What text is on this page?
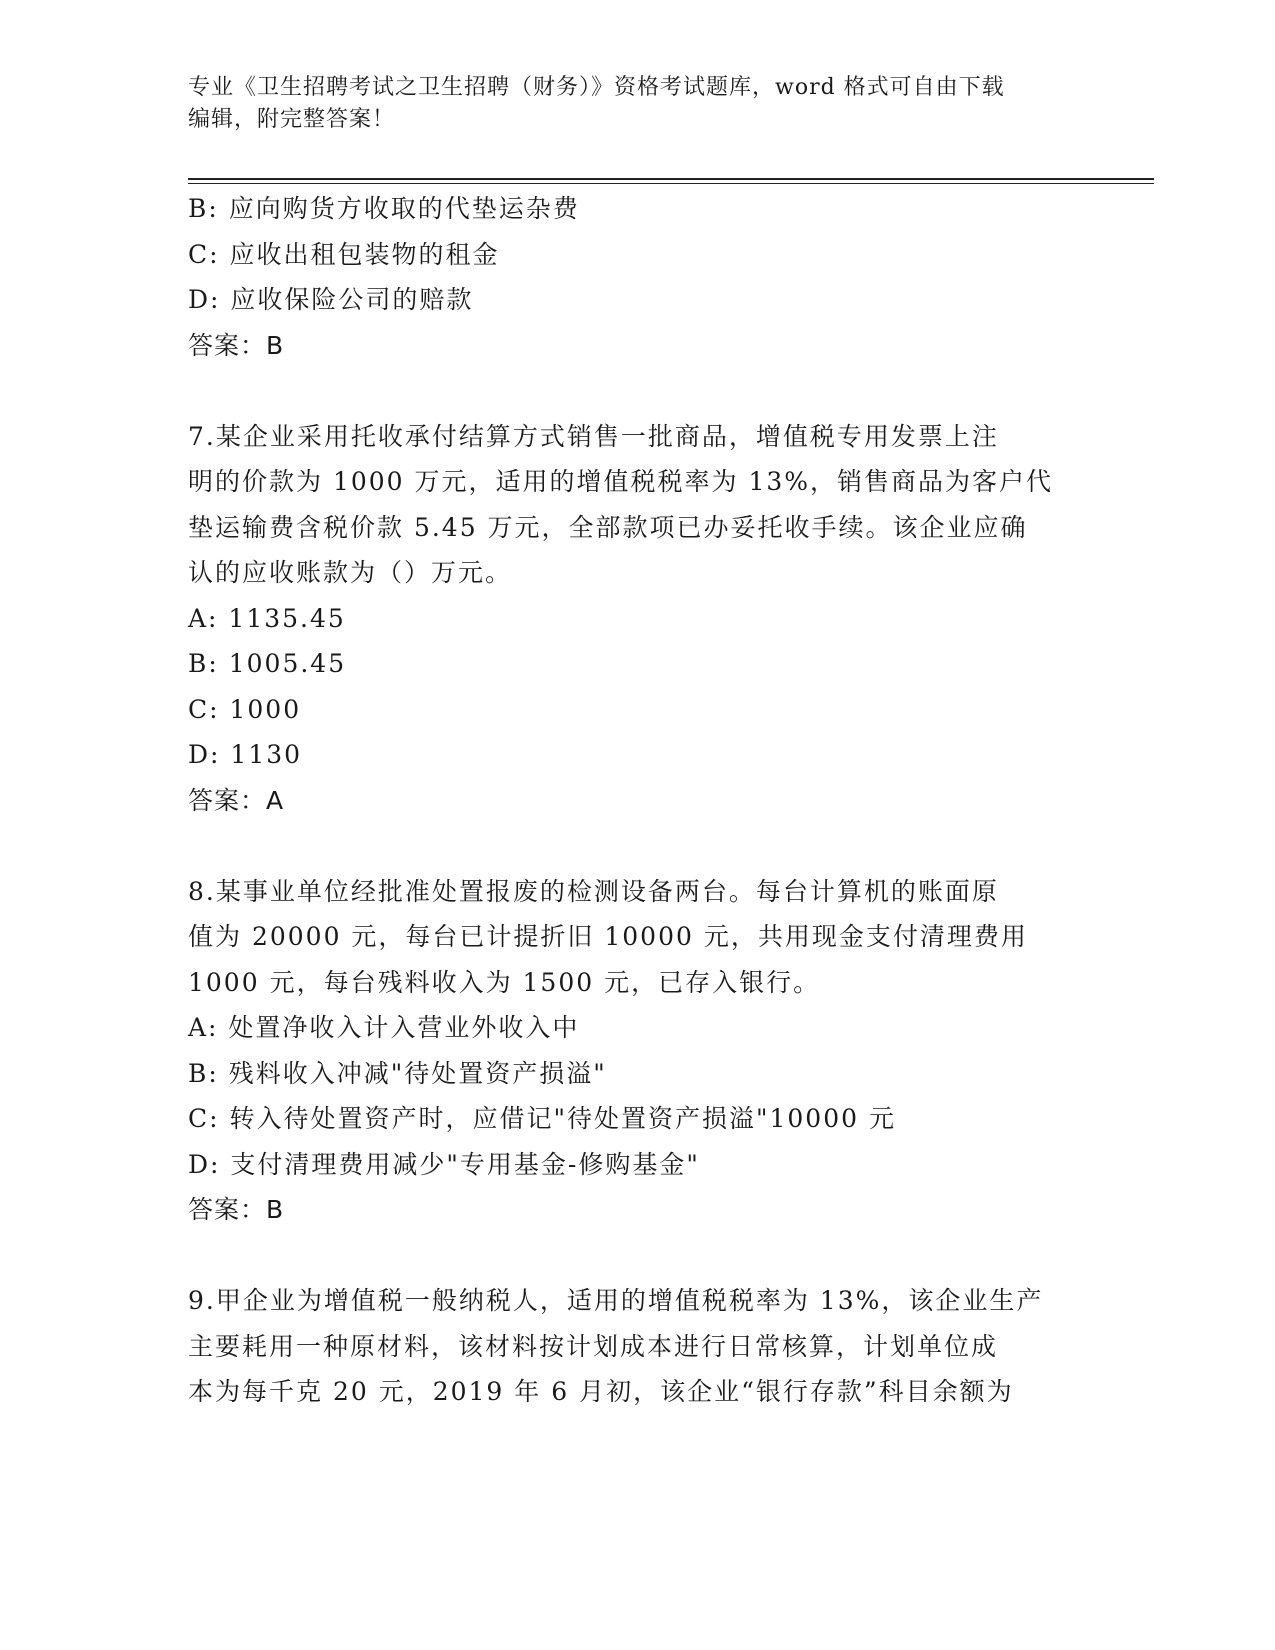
专业《卫生招聘考试之卫生招聘（财务）》资格考试题库，word 格式可自由下载
编辑，附完整答案！
B: 应向购货方收取的代垫运杂费
C: 应收出租包装物的租金
D: 应收保险公司的赔款
答案：B
7.某企业采用托收承付结算方式销售一批商品，增值税专用发票上注
明的价款为 1000 万元，适用的增值税税率为 13%，销售商品为客户代
垫运输费含税价款 5.45 万元，全部款项已办妥托收手续。该企业应确
认的应收账款为（）万元。
A: 1135.45
B: 1005.45
C: 1000
D: 1130
答案：A
8.某事业单位经批准处置报废的检测设备两台。每台计算机的账面原
值为 20000 元，每台已计提折旧 10000 元，共用现金支付清理费用
1000 元，每台残料收入为 1500 元，已存入银行。
A: 处置净收入计入营业外收入中
B: 残料收入冲减"待处置资产损溢"
C: 转入待处置资产时，应借记"待处置资产损溢"10000 元
D: 支付清理费用减少"专用基金-修购基金"
答案：B
9.甲企业为增值税一般纳税人，适用的增值税税率为 13%，该企业生产
主要耗用一种原材料，该材料按计划成本进行日常核算，计划单位成
本为每千克 20 元，2019 年 6 月初，该企业“银行存款”科目余额为
